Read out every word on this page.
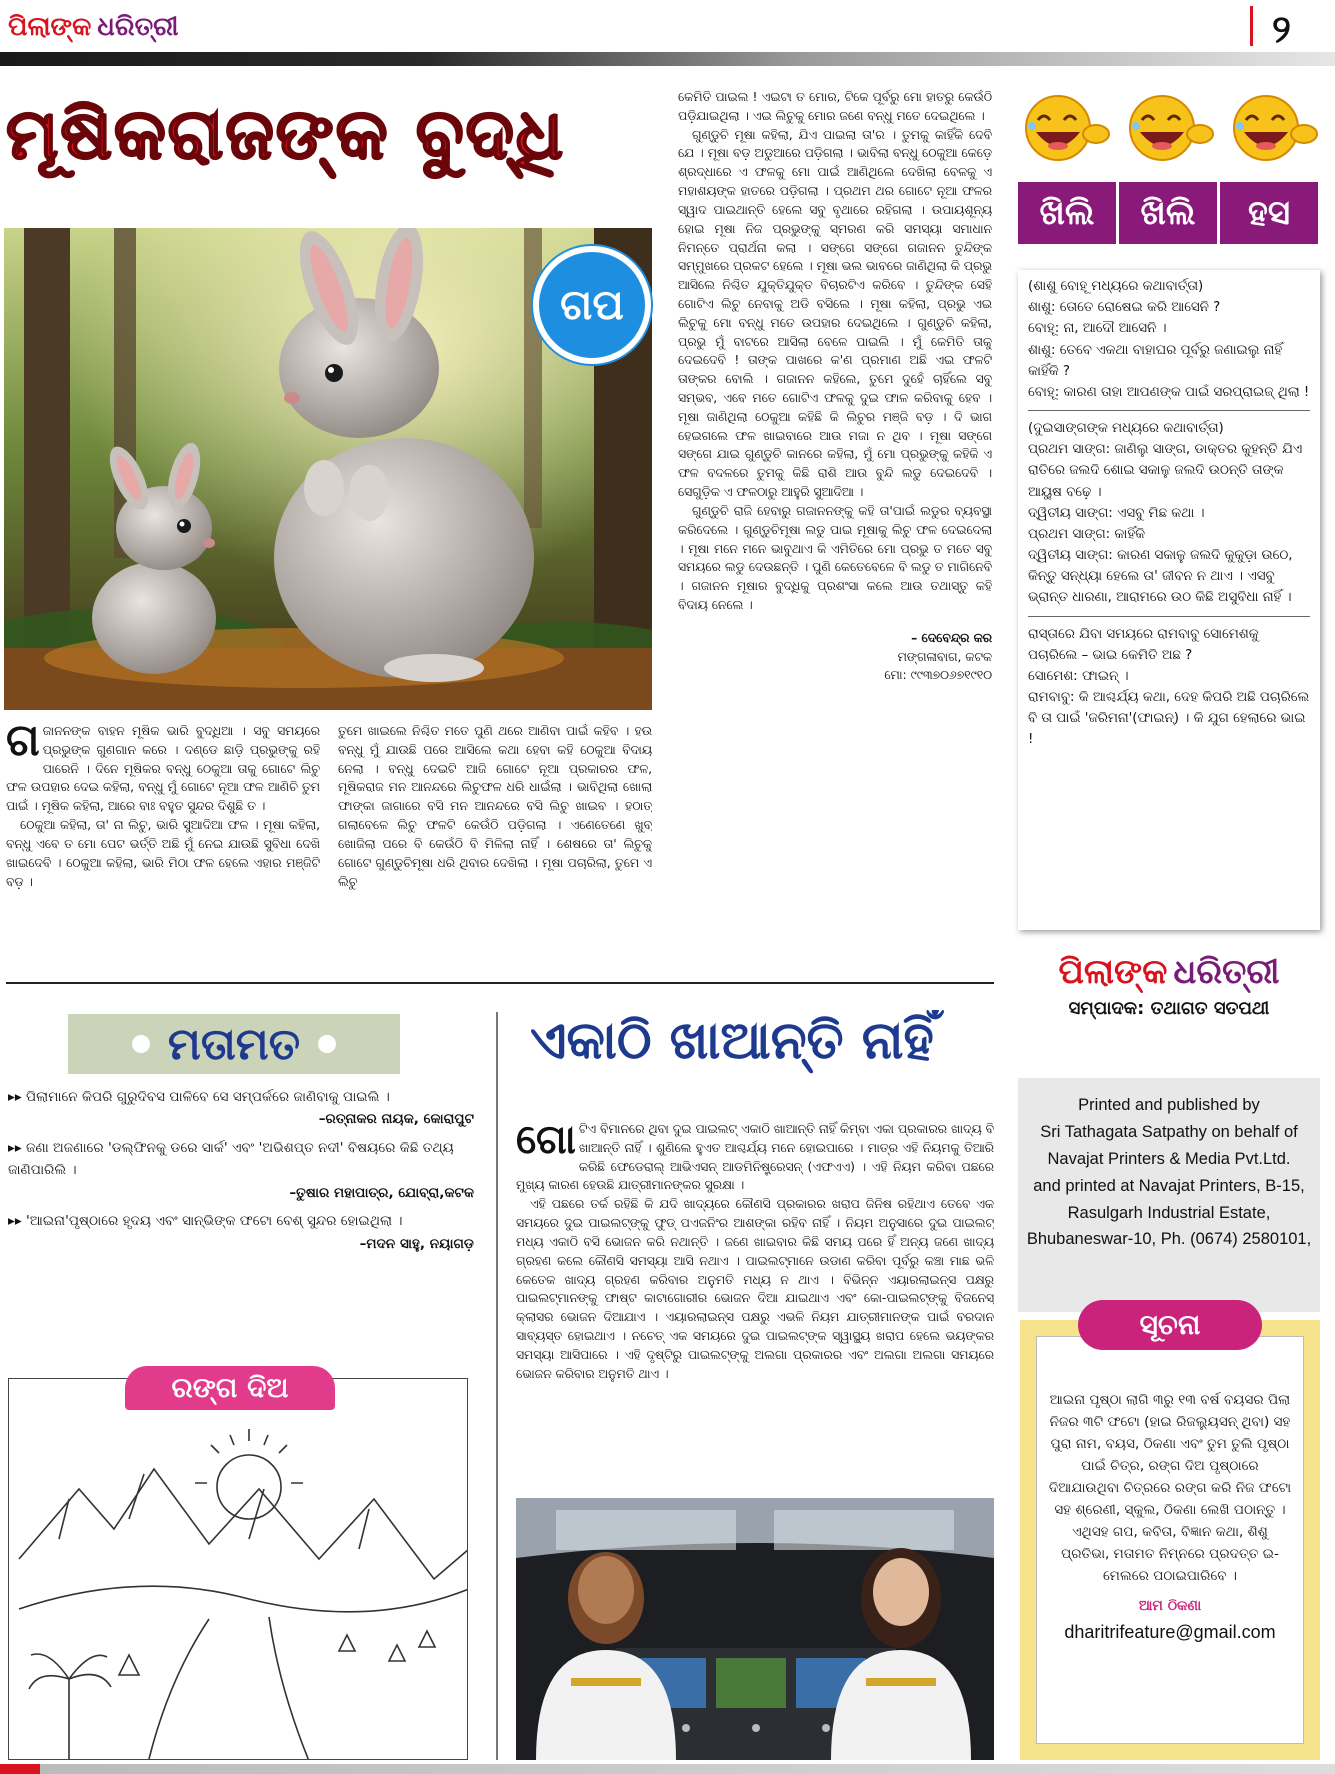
ପିଲାଙ୍କ ଧରିତ୍ରୀ	୨
ମୂଷିକରାଜଙ୍କ ବୁଦ୍ଧି
ଗପ
ଗ ଜାନନଙ୍କ ବାହନ ମୂଷିକ ଭାରି ବୁଦ୍ଧିଆ । ସବୁ ସମୟରେ ପ୍ରଭୁଙ୍କ ଗୁଣଗାନ କରେ । ଦଣ୍ଡେ ଛାଡ଼ି ପ୍ରଭୁଙ୍କୁ ରହି ପାରେନି । ଦିନେ ମୂଷିକର ବନ୍ଧୁ ଠେକୁଆ ତାକୁ ଗୋଟେ ଲିଚୁ ଫଳ ଉପହାର ଦେଇ କହିଲା, ବନ୍ଧୁ ମୁଁ ଗୋଟେ ନୂଆ ଫଳ ଆଣିଚି ତୁମ ପାଇଁ । ମୂଷିକ କହିଲା, ଆରେ ବାଃ ବହୁତ ସୁନ୍ଦର ଦିଶୁଛି ତ ।

ଠେକୁଆ କହିଲା, ତା' ନା ଲିଚୁ, ଭାରି ସୁଆଦିଆ ଫଳ । ମୂଷା କହିଲା, ବନ୍ଧୁ ଏବେ ତ ମୋ ପେଟ ଭର୍ତ୍ତି ଅଛି ମୁଁ ନେଇ ଯାଉଛି ସୁବିଧା ଦେଖି ଖାଇଦେବି । ଠେକୁଆ କହିଲା, ଭାରି ମିଠା ଫଳ ହେଲେ ଏହାର ମଞ୍ଜିଟି ବଡ଼ ।

ତୁମେ ଖାଇଲେ ନିଶ୍ଚିତ ମତେ ପୁଣି ଥରେ ଆଣିବା ପାଇଁ କହିବ । ହଉ ବନ୍ଧୁ ମୁଁ ଯାଉଛି ପରେ ଆସିଲେ କଥା ହେବା କହି ଠେକୁଆ ବିଦାୟ ନେଲା । ବନ୍ଧୁ ଦେଇଟି ଆଜି ଗୋଟେ ନୂଆ ପ୍ରକାରର ଫଳ, ମୂଷିକରାଜ ମନ ଆନନ୍ଦରେ ଲିଚୁଫଳ ଧରି ଧାଇଁଲା । ଭାବିଥିଲା ଖୋଲା ଫାଙ୍କା ଜାଗାରେ ବସି ମନ ଆନନ୍ଦରେ ବସି ଲିଚୁ ଖାଇବ । ହଠାତ୍ ଗଲାବେଳେ ଲିଚୁ ଫଳଟି କେଉଁଠି ପଡ଼ିଗଲା । ଏଣେତେଣେ ଖୁବ୍ ଖୋଜିଲା ପରେ ବି କେଉଁଠି ବି ମିଳିଲା ନାହିଁ । ଶେଷରେ ତା' ଲିଚୁକୁ ଗୋଟେ ଗୁଣ୍ଡୁଚିମୂଷା ଧରି ଥିବାର ଦେଖିଲା । ମୂଷା ପଚାରିଲା, ତୁମେ ଏ ଲିଚୁ

କେମିତି ପାଇଲ ! ଏଇଟା ତ ମୋର, ଟିକେ ପୂର୍ବରୁ ମୋ ହାତରୁ କେଉଁଠି ପଡ଼ିଯାଇଥିଲା । ଏଇ ଲିଚୁକୁ ମୋର ଜଣେ ବନ୍ଧୁ ମତେ ଦେଇଥିଲେ ।

ଗୁଣ୍ଡୁଚି ମୂଷା କହିଲା, ଯିଏ ପାଇଲା ତା'ର । ତୁମକୁ କାହିଁକି ଦେବି ଯେ । ମୂଷା ବଡ଼ ଅଡୁଆରେ ପଡ଼ିଗଲା । ଭାବିଲା ବନ୍ଧୁ ଠେକୁଆ କେଡ଼େ ଶ୍ରଦ୍ଧାରେ ଏ ଫଳକୁ ମୋ ପାଇଁ ଆଣିଥିଲେ ଦେଖିଲା ବେଳକୁ ଏ ମହାଶୟଙ୍କ ହାତରେ ପଡ଼ିଗଲା । ପ୍ରଥମ ଥର ଗୋଟେ ନୂଆ ଫଳର ସ୍ୱାଦ ପାଇଥାନ୍ତି ହେଲେ ସବୁ ବୃଥାରେ ରହିଗଲା । ଉପାୟଶୂନ୍ୟ ହୋଇ ମୂଷା ନିଜ ପ୍ରଭୁଙ୍କୁ ସ୍ମରଣ କରି ସମସ୍ୟା ସମାଧାନ ନିମନ୍ତେ ପ୍ରାର୍ଥନା କଲା । ସଙ୍ଗେ ସଙ୍ଗେ ଗଜାନନ ତୁନ୍ଦିଙ୍କ ସମ୍ମୁଖରେ ପ୍ରକଟ ହେଲେ । ମୂଷା ଭଲ ଭାବରେ ଜାଣିଥିଲା କି ପ୍ରଭୁ ଆସିଲେ ନିଶ୍ଚିତ ଯୁକ୍ତିଯୁକ୍ତ ବିଚାରଟିଏ କରିବେ । ତୁନ୍ଦିଙ୍କ ସେହି ଗୋଟିଏ ଲିଚୁ ନେବାକୁ ଅଡି ବସିଲେ । ମୂଷା କହିଲା, ପ୍ରଭୁ ଏଇ ଲିଚୁକୁ ମୋ ବନ୍ଧୁ ମତେ ଉପହାର ଦେଇଥିଲେ । ଗୁଣ୍ଡୁଚି କହିଲା, ପ୍ରଭୁ ମୁଁ ବାଟରେ ଆସିଲା ବେଳେ ପାଇଲି । ମୁଁ କେମିତି ତାକୁ ଦେଇଦେବି ! ତାଙ୍କ ପାଖରେ କ'ଣ ପ୍ରମାଣ ଅଛି ଏଇ ଫଳଟି ତାଙ୍କର ବୋଲି । ଗଜାନନ କହିଲେ, ତୁମେ ଦୁହେଁ ଚାହିଁଲେ ସବୁ ସମ୍ଭବ, ଏବେ ମତେ ଗୋଟିଏ ଫଳକୁ ଦୁଇ ଫାଳ କରିବାକୁ ହେବ । ମୂଷା ଜାଣିଥିଲା ଠେକୁଆ କହିଛି କି ଲିଚୁର ମଞ୍ଜି ବଡ଼ । ଦି ଭାଗ ହେଇଗଲେ ଫଳ ଖାଇବାରେ ଆଉ ମଜା ନ ଥିବ । ମୂଷା ସଙ୍ଗେ ସଙ୍ଗେ ଯାଇ ଗୁଣ୍ଡୁଚି କାନରେ କହିଲା, ମୁଁ ମୋ ପ୍ରଭୁଙ୍କୁ କହିକି ଏ ଫଳ ବଦଳରେ ତୁମକୁ କିଛି ରାଶି ଆଉ ବୁନ୍ଦି ଲଡୁ ଦେଇଦେବି । ସେଗୁଡ଼ିକ ଏ ଫଳଠାରୁ ଆହୁରି ସୁଆଦିଆ ।

ଗୁଣ୍ଡୁଚି ରାଜି ହେବାରୁ ଗଜାନନଙ୍କୁ କହି ତା'ପାଇଁ ଲଡୁର ବ୍ୟବସ୍ଥା କରିଦେଲେ । ଗୁଣ୍ଡୁଚିମୂଷା ଲଡୁ ପାଇ ମୂଷାକୁ ଲିଚୁ ଫଳ ଦେଇଦେଲା । ମୂଷା ମନେ ମନେ ଭାବୁଥାଏ କି ଏମିତିରେ ମୋ ପ୍ରଭୁ ତ ମତେ ସବୁ ସମୟରେ ଲଡୁ ଦେଉଛନ୍ତି । ପୁଣି କେତେବେଳେ ବି ଲଡୁ ତ ମାଗିନେବି । ଗଜାନନ ମୂଷାର ବୁଦ୍ଧିକୁ ପ୍ରଶଂସା କଲେ ଆଉ ତଥାସ୍ତୁ କହି ବିଦାୟ ନେଲେ ।

– ଦେବେନ୍ଦ୍ର କର
ମଙ୍ଗଳାବାଗ, କଟକ
ମୋ: ୯୯୩୭୦୬୭୧୯୧୦
ଖିଲି	ଖିଲି	ହସ
(ଶାଶୁ ବୋହୂ ମଧ୍ୟରେ କଥାବାର୍ତ୍ତା)
ଶାଶୁ: ତୋତେ ରୋଷେଇ କରି ଆସେନି ?
ବୋହୂ: ନା, ଆଦୌ ଆସେନି ।
ଶାଶୁ: ତେବେ ଏକଥା ବାହାଘର ପୂର୍ବରୁ ଜଣାଇଲୁ ନାହିଁ କାହିଁକି ?
ବୋହୂ: କାରଣ ତାହା ଆପଣଙ୍କ ପାଇଁ ସରପ୍ରାଇଜ୍ ଥିଲା !
(ଦୁଇସାଙ୍ଗଙ୍କ ମଧ୍ୟରେ କଥାବାର୍ତ୍ତା)
ପ୍ରଥମ ସାଙ୍ଗ: ଜାଣିଲୁ ସାଙ୍ଗ, ଡାକ୍ତର କୁହନ୍ତି ଯିଏ ରାତିରେ ଜଲଦି ଶୋଇ ସକାଳୁ ଜଲଦି ଉଠନ୍ତି ତାଙ୍କ ଆୟୁଷ ବଢ଼େ ।
ଦ୍ୱିତୀୟ ସାଙ୍ଗ: ଏସବୁ ମିଛ କଥା ।
ପ୍ରଥମ ସାଙ୍ଗ: କାହିଁକି
ଦ୍ୱିତୀୟ ସାଙ୍ଗ: କାରଣ ସକାଳୁ ଜଲଦି କୁକୁଡ଼ା ଉଠେ, କିନ୍ତୁ ସନ୍ଧ୍ୟା ହେଲେ ତା' ଜୀବନ ନ ଥାଏ । ଏସବୁ ଭ୍ରାନ୍ତ ଧାରଣା, ଆରାମରେ ଉଠ କିଛି ଅସୁବିଧା ନାହିଁ ।
ରାସ୍ତାରେ ଯିବା ସମୟରେ ରାମବାବୁ ସୋମେଶକୁ ପଚାରିଲେ – ଭାଇ କେମିତି ଅଛ ?
ସୋମେଶ: ଫାଇନ୍ ।
ରାମବାବୁ: କି ଆଶ୍ଚର୍ଯ୍ୟ କଥା, ଦେହ କିପରି ଅଛି ପଚାରିଲେ ବି ତା ପାଇଁ 'ଜରିମନା'(ଫାଇନ୍) । କି ଯୁଗ ହେଲାରେ ଭାଇ !
ପିଲାଙ୍କ ଧରିତ୍ରୀ
ସମ୍ପାଦକ: ତଥାଗତ ସତପଥୀ
Printed and published by
Sri Tathagata Satpathy on behalf of
Navajat Printers & Media Pvt.Ltd.
and printed at Navajat Printers, B-15,
Rasulgarh Industrial Estate,
Bhubaneswar-10, Ph. (0674) 2580101,
ଆଇନା ପୃଷ୍ଠା ଲାଗି ୩ରୁ ୧୩ ବର୍ଷ ବୟସର ପିଲା ନିଜର ୩ଟି ଫଟୋ (ହାଇ ରିଜଲ୍ୟୁସନ୍ ଥିବା) ସହ ପୁରା ନାମ, ବୟସ, ଠିକଣା ଏବଂ ତୁମ ତୁଲି ପୃଷ୍ଠା ପାଇଁ ଚିତ୍ର, ରଙ୍ଗ ଦିଅ ପୃଷ୍ଠାରେ ଦିଆଯାଉଥିବା ଚିତ୍ରରେ ରଙ୍ଗ କରି ନିଜ ଫଟୋ ସହ ଶ୍ରେଣୀ, ସ୍କୁଲ, ଠିକଣା ଲେଖି ପଠାନ୍ତୁ । ଏଥିସହ ଗପ, କବିତା, ବିଜ୍ଞାନ କଥା, ଶିଶୁ ପ୍ରତିଭା, ମତାମତ ନିମ୍ନରେ ପ୍ରଦତ୍ତ ଇ-ମେଲରେ ପଠାଇପାରିବେ ।
ଆମ ଠିକଣା
dharitrifeature@gmail.com
ସୂଚନା
ମତାମତ
▸▸ ପିଲାମାନେ କିପରି ଗୁରୁଦିବସ ପାଳିବେ ସେ ସମ୍ପର୍କରେ ଜାଣିବାକୁ ପାଇଲି ।
–ରତ୍ନାକର ନାୟକ, କୋରାପୁଟ
▸▸ ଜଣା ଅଜଣାରେ 'ଡଲ୍‌ଫିନକୁ ଡରେ ସାର୍କ' ଏବଂ 'ଅଭିଶପ୍ତ ନଦୀ' ବିଷୟରେ କିଛି ତଥ୍ୟ ଜାଣିପାରିଲି ।
–ତୁଷାର ମହାପାତ୍ର, ଯୋବ୍ରା,କଟକ
▸▸ 'ଆଇନା'ପୃଷ୍ଠାରେ ହୃଦୟ ଏବଂ ସାନ୍ଭିଙ୍କ ଫଟୋ ବେଶ୍ ସୁନ୍ଦର ହୋଇଥିଲା ।
–ମଦନ ସାହୁ, ନୟାଗଡ଼
ରଙ୍ଗ ଦିଅ
ଏକାଠି ଖାଆନ୍ତି ନାହିଁ
ଗୋ ଟିଏ ବିମାନରେ ଥିବା ଦୁଇ ପାଇଲଟ୍ ଏକାଠି ଖାଆନ୍ତି ନାହିଁ କିମ୍ବା ଏକା ପ୍ରକାରର ଖାଦ୍ୟ ବି ଖାଆନ୍ତି ନାହିଁ । ଶୁଣିଲେ ହୁଏତ ଆଶ୍ଚର୍ଯ୍ୟ ମନେ ହୋଇପାରେ । ମାତ୍ର ଏହି ନିୟମକୁ ତିଆରି କରିଛି ଫେଡେରାଲ୍ ଆଭିଏସନ୍ ଆଡମିନିଷ୍ଟ୍ରେସନ୍ (ଏଫଏଏ) । ଏହି ନିୟମ କରିବା ପଛରେ ମୁଖ୍ୟ କାରଣ ହେଉଛି ଯାତ୍ରୀମାନଙ୍କର ସୁରକ୍ଷା ।

ଏହି ପଛରେ ତର୍କ ରହିଛି କି ଯଦି ଖାଦ୍ୟରେ କୌଣସି ପ୍ରକାରର ଖରାପ ଜିନିଷ ରହିଥାଏ ତେବେ ଏକ ସମୟରେ ଦୁଇ ପାଇଲଟ୍‌ଙ୍କୁ ଫୁଡ୍ ପଏଜନିଂର ଆଶଙ୍କା ରହିବ ନାହିଁ । ନିୟମ ଅନୁସାରେ ଦୁଇ ପାଇଲଟ୍ ମଧ୍ୟ ଏକାଠି ବସି ଭୋଜନ କରି ନଥାନ୍ତି । ଜଣେ ଖାଇବାର କିଛି ସମୟ ପରେ ହିଁ ଅନ୍ୟ ଜଣେ ଖାଦ୍ୟ ଗ୍ରହଣ କଲେ କୌଣସି ସମସ୍ୟା ଆସି ନଥାଏ । ପାଇଲଟ୍‌ମାନେ ଉଡାଣ କରିବା ପୂର୍ବରୁ କଞ୍ଚା ମାଛ ଭଳି କେତେକ ଖାଦ୍ୟ ଗ୍ରହଣ କରିବାର ଅନୁମତି ମଧ୍ୟ ନ ଥାଏ । ବିଭିନ୍ନ ଏୟାରଲାଇନ୍ସ ପକ୍ଷରୁ ପାଇଲଟ୍‌ମାନଙ୍କୁ ଫାଷ୍ଟ କାଟାଗୋରୀର ଭୋଜନ ଦିଆ ଯାଇଥାଏ ଏବଂ କୋ-ପାଇଲଟ୍‌ଙ୍କୁ ବିଜନେସ୍ କ୍ଲାସର ଭୋଜନ ଦିଆଯାଏ । ଏୟାରଲାଇନ୍ସ ପକ୍ଷରୁ ଏଭଳି ନିୟମ ଯାତ୍ରୀମାନଙ୍କ ପାଇଁ ବରଦାନ ସାବ୍ୟସ୍ତ ହୋଇଥାଏ । ନଚେତ୍ ଏକ ସମୟରେ ଦୁଇ ପାଇଲଟ୍‌ଙ୍କ ସ୍ୱାସ୍ଥ୍ୟ ଖରାପ ହେଲେ ଭୟଙ୍କର ସମସ୍ୟା ଆସିପାରେ । ଏହି ଦୃଷ୍ଟିରୁ ପାଇଲଟ୍‌ଙ୍କୁ ଅଲଗା ପ୍ରକାରର ଏବଂ ଅଲଗା ଅଲଗା ସମୟରେ ଭୋଜନ କରିବାର ଅନୁମତି ଥାଏ ।
